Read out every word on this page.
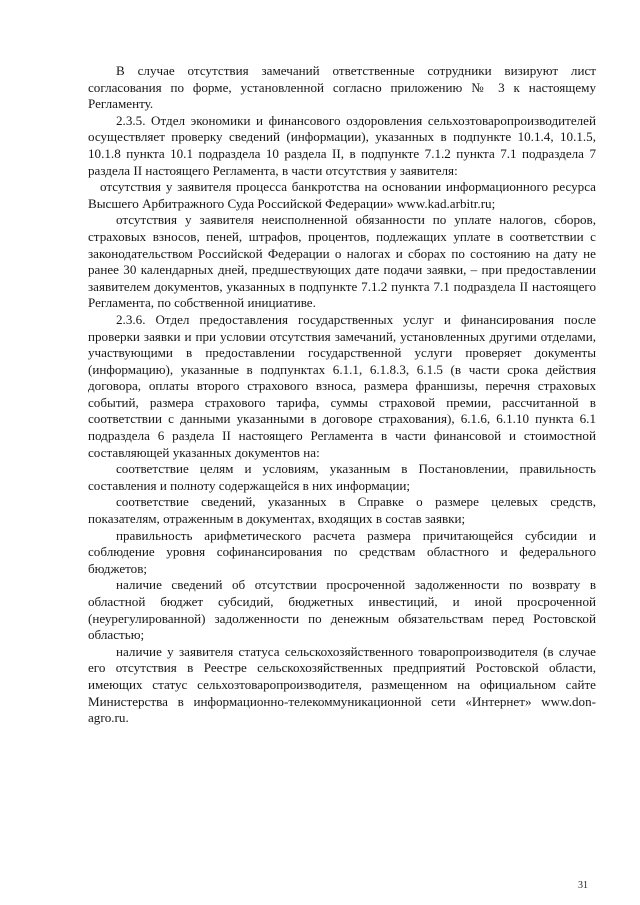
В случае отсутствия замечаний ответственные сотрудники визируют лист согласования по форме, установленной согласно приложению № 3 к настоящему Регламенту.

2.3.5. Отдел экономики и финансового оздоровления сельхозтоваропроизводителей осуществляет проверку сведений (информации), указанных в подпункте 10.1.4, 10.1.5, 10.1.8 пункта 10.1 подраздела 10 раздела II, в подпункте 7.1.2 пункта 7.1 подраздела 7 раздела II настоящего Регламента, в части отсутствия у заявителя:

отсутствия у заявителя процесса банкротства на основании информационного ресурса Высшего Арбитражного Суда Российской Федерации» www.kad.arbitr.ru;

отсутствия у заявителя неисполненной обязанности по уплате налогов, сборов, страховых взносов, пеней, штрафов, процентов, подлежащих уплате в соответствии с законодательством Российской Федерации о налогах и сборах по состоянию на дату не ранее 30 календарных дней, предшествующих дате подачи заявки, – при предоставлении заявителем документов, указанных в подпункте 7.1.2 пункта 7.1 подраздела II настоящего Регламента, по собственной инициативе.

2.3.6. Отдел предоставления государственных услуг и финансирования после проверки заявки и при условии отсутствия замечаний, установленных другими отделами, участвующими в предоставлении государственной услуги проверяет документы (информацию), указанные в подпунктах 6.1.1, 6.1.8.3, 6.1.5 (в части срока действия договора, оплаты второго страхового взноса, размера франшизы, перечня страховых событий, размера страхового тарифа, суммы страховой премии, рассчитанной в соответствии с данными указанными в договоре страхования), 6.1.6, 6.1.10 пункта 6.1 подраздела 6 раздела II настоящего Регламента в части финансовой и стоимостной составляющей указанных документов на:

соответствие целям и условиям, указанным в Постановлении, правильность составления и полноту содержащейся в них информации;

соответствие сведений, указанных в Справке о размере целевых средств, показателям, отраженным в документах, входящих в состав заявки;

правильность арифметического расчета размера причитающейся субсидии и соблюдение уровня софинансирования по средствам областного и федерального бюджетов;

наличие сведений об отсутствии просроченной задолженности по возврату в областной бюджет субсидий, бюджетных инвестиций, и иной просроченной (неурегулированной) задолженности по денежным обязательствам перед Ростовской областью;

наличие у заявителя статуса сельскохозяйственного товаропроизводителя (в случае его отсутствия в Реестре сельскохозяйственных предприятий Ростовской области, имеющих статус сельхозтоваропроизводителя, размещенном на официальном сайте Министерства в информационно-телекоммуникационной сети «Интернет» www.don-agro.ru.

31
